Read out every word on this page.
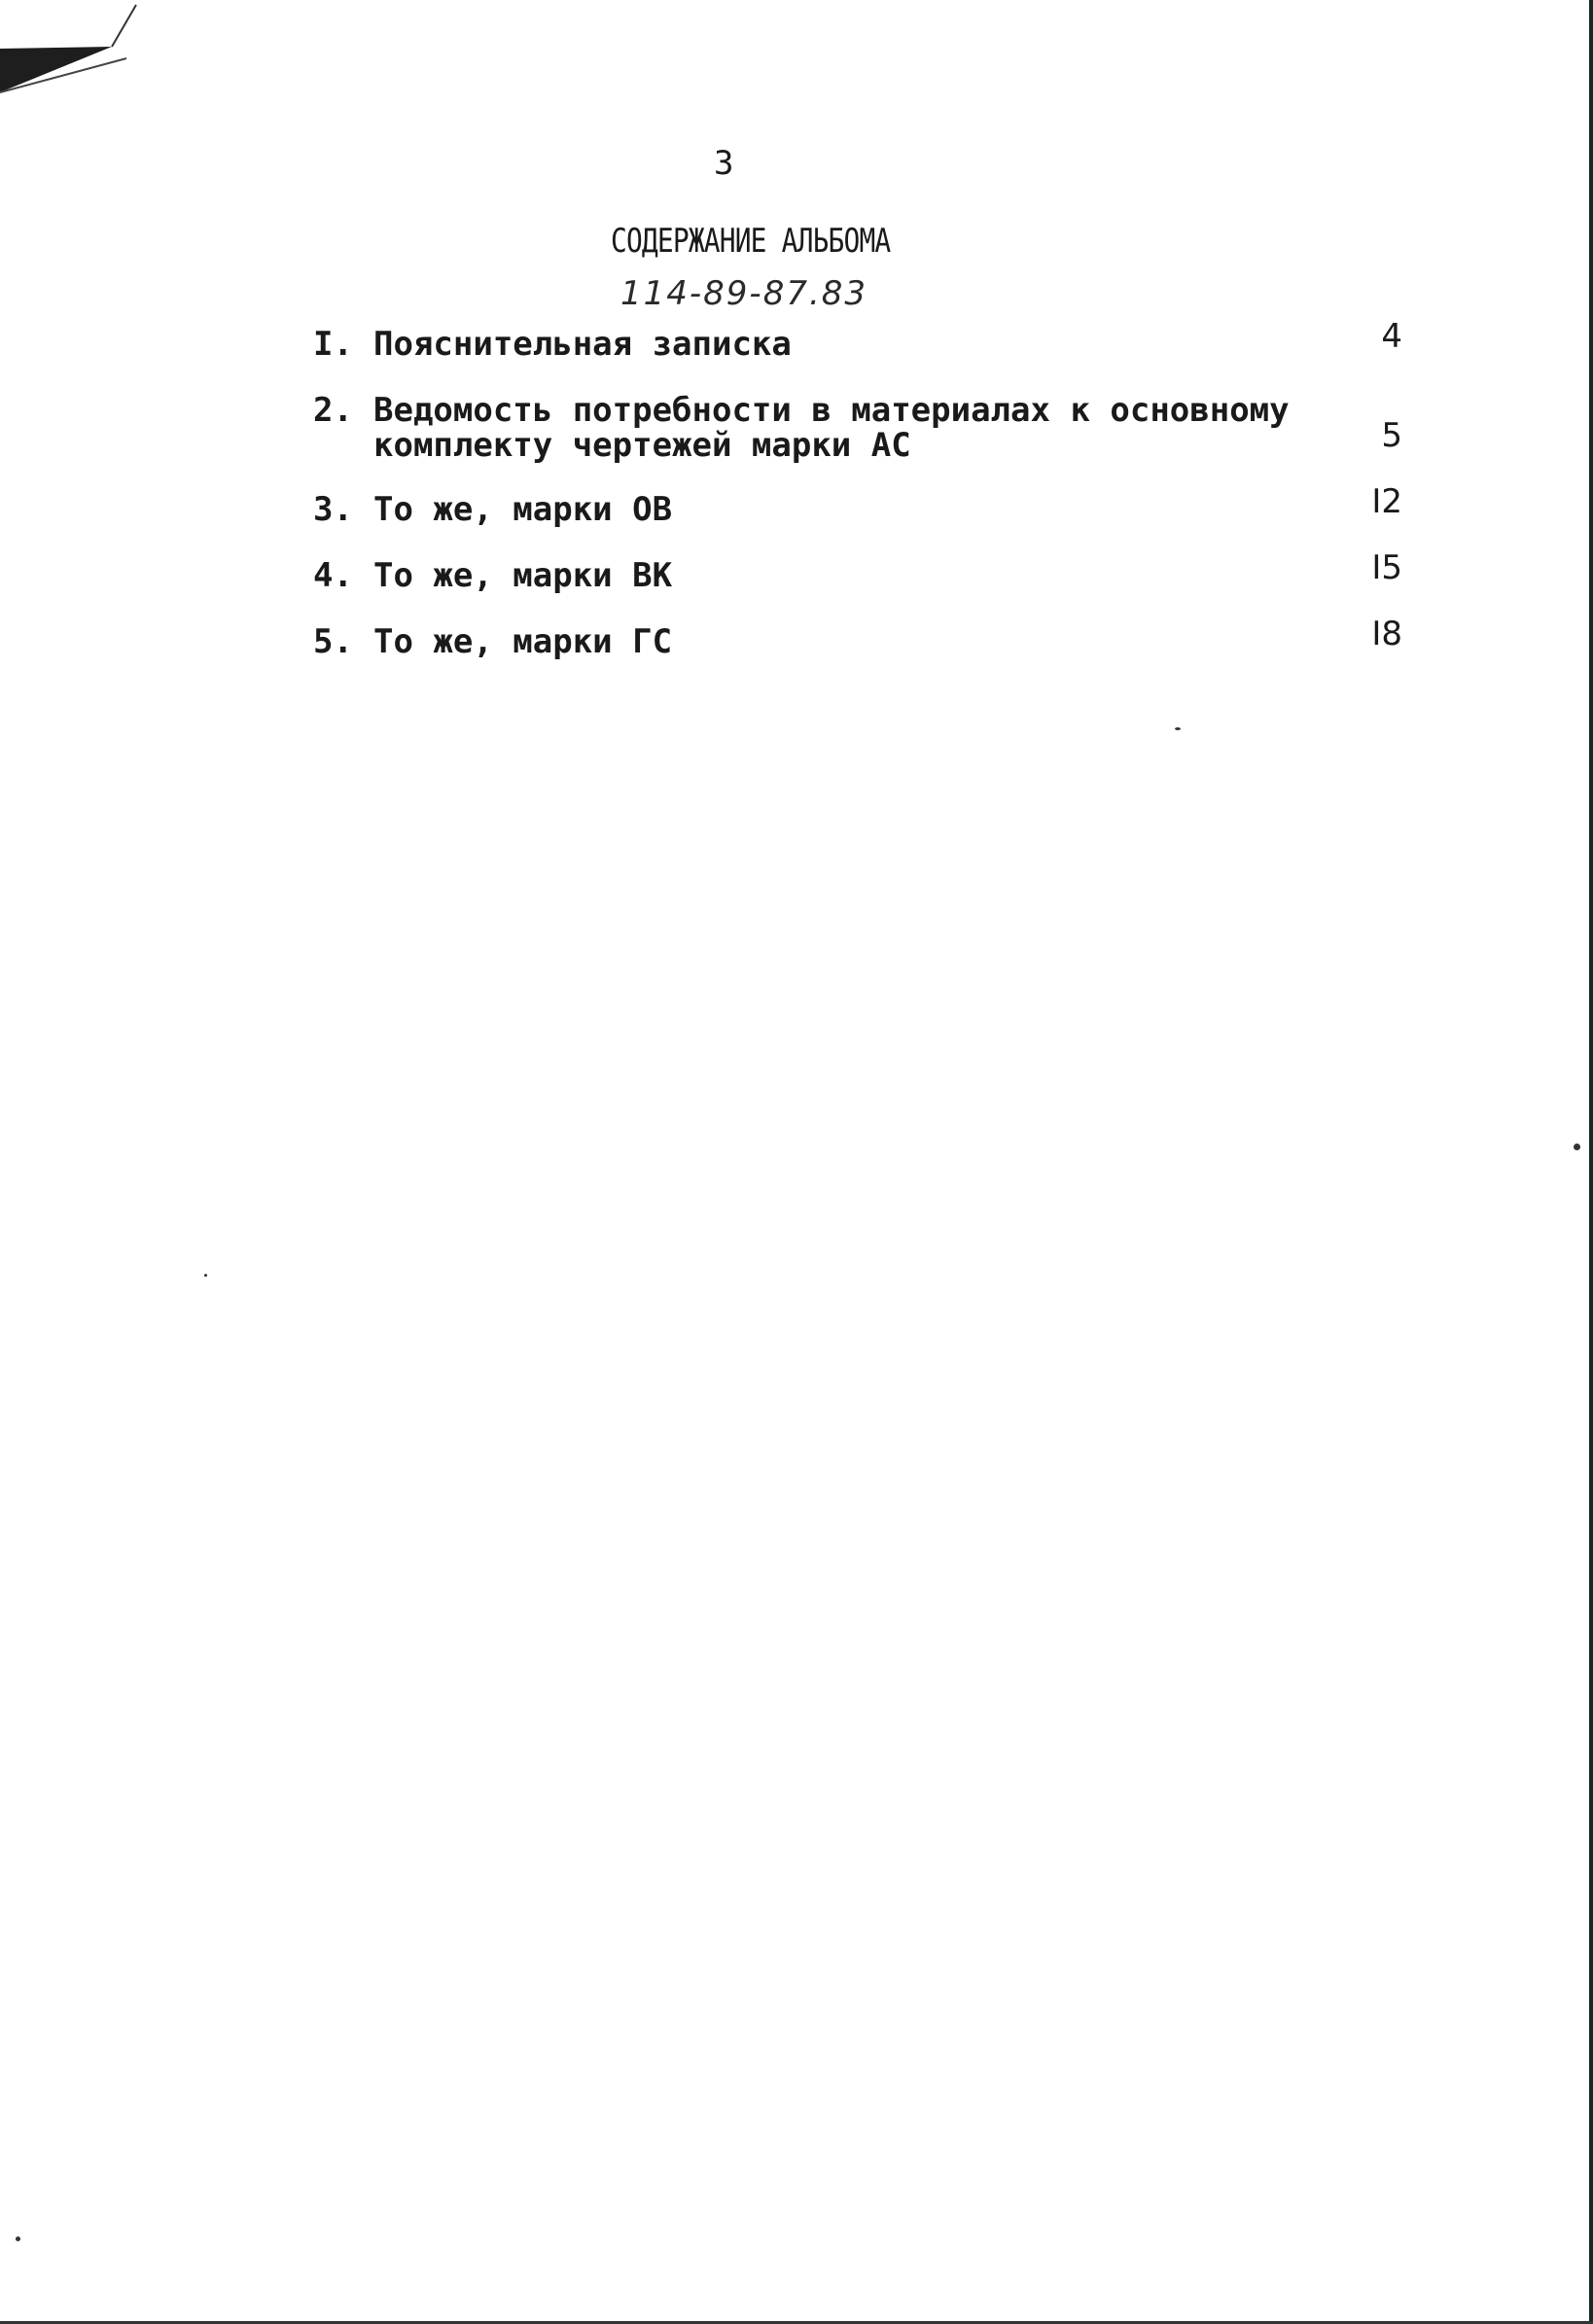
3
СОДЕРЖАНИЕ АЛЬБОМА
114-89-87.83
I. Пояснительная записка	4
2. Ведомость потребности в материалах к основному комплекту чертежей марки АС	5
3. То же, марки ОВ	I2
4. То же, марки ВК	I5
5. То же, марки ГС	I8
